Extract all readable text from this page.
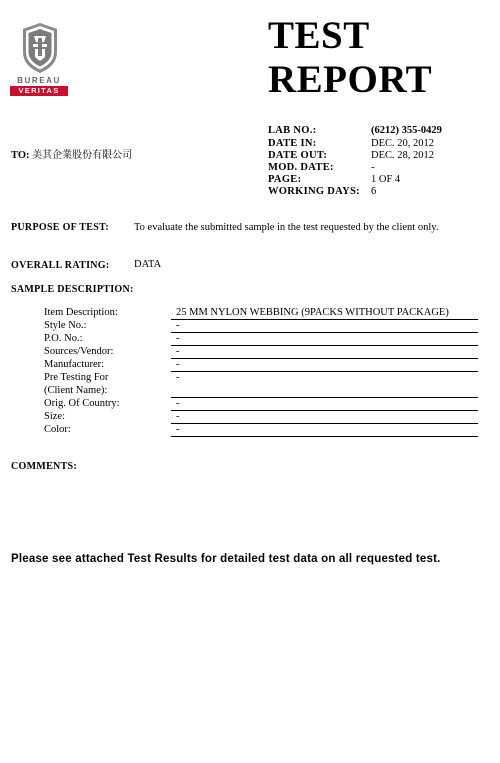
BUREAU
VERITAS
TEST
REPORT
LAB NO.:	(6212) 355-0429
DATE IN:	DEC. 20, 2012
DATE OUT:	DEC. 28, 2012
MOD. DATE:	-
PAGE:	1 OF 4
WORKING DAYS: 6
TO: 美其企業股份有限公司
PURPOSE OF TEST: To evaluate the submitted sample in the test requested by the client only.
OVERALL RATING: DATA
SAMPLE DESCRIPTION:
Item Description:	25 MM NYLON WEBBING (9PACKS WITHOUT PACKAGE)
Style No.:	-
P.O. No.:	-
Sources/Vendor:	-
Manufacturer:	-
Pre Testing For
(Client Name):
-
Orig. Of Country:	-
Size:	-
Color:	-
COMMENTS:
Please see attached Test Results for detailed test data on all requested test.
